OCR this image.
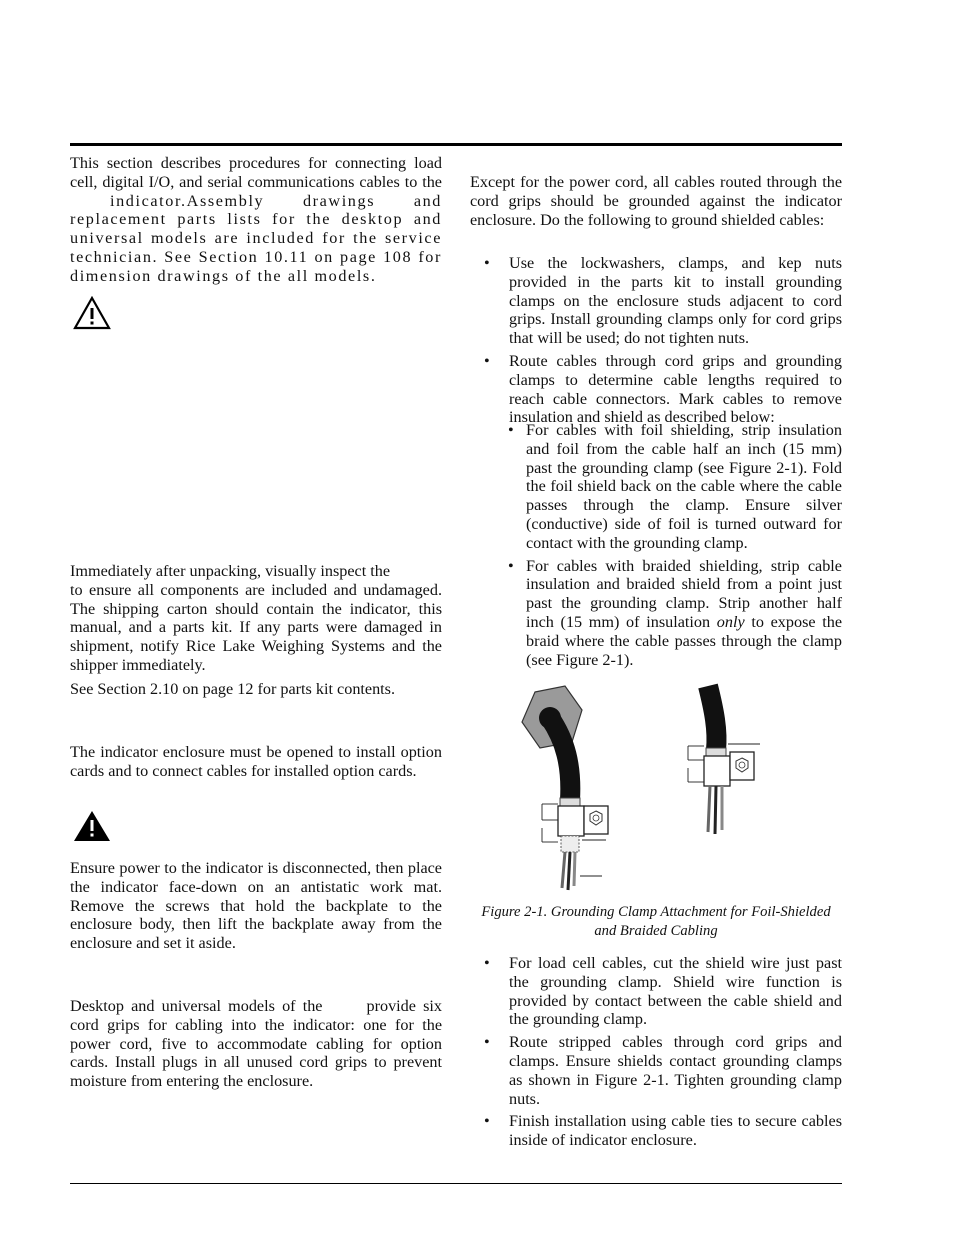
This section describes procedures for connecting load cell, digital I/O, and serial communications cables to the indicator.Assembly drawings and replacement parts lists for the desktop and universal models are included for the service technician. See Section 10.11 on page 108 for dimension drawings of the all models.

Immediately after unpacking, visually inspect the
to ensure all components are included and undamaged. The shipping carton should contain the indicator, this manual, and a parts kit. If any parts were damaged in shipment, notify Rice Lake Weighing Systems and the shipper immediately.

See Section 2.10 on page 12 for parts kit contents.

The indicator enclosure must be opened to install option cards and to connect cables for installed option cards.

Ensure power to the indicator is disconnected, then place the indicator face-down on an antistatic work mat. Remove the screws that hold the backplate to the enclosure body, then lift the backplate away from the enclosure and set it aside.

Desktop and universal models of the	provide six cord grips for cabling into the indicator: one for the power cord, five to accommodate cabling for option cards. Install plugs in all unused cord grips to prevent moisture from entering the enclosure.

Except for the power cord, all cables routed through the cord grips should be grounded against the indicator enclosure. Do the following to ground shielded cables:

• Use the lockwashers, clamps, and kep nuts provided in the parts kit to install grounding clamps on the enclosure studs adjacent to cord grips. Install grounding clamps only for cord grips that will be used; do not tighten nuts.
• Route cables through cord grips and grounding clamps to determine cable lengths required to reach cable connectors. Mark cables to remove insulation and shield as described below:
• For cables with foil shielding, strip insulation and foil from the cable half an inch (15 mm) past the grounding clamp (see Figure 2-1). Fold the foil shield back on the cable where the cable passes through the clamp. Ensure silver (conductive) side of foil is turned outward for contact with the grounding clamp.
• For cables with braided shielding, strip cable insulation and braided shield from a point just past the grounding clamp. Strip another half inch (15 mm) of insulation only to expose the braid where the cable passes through the clamp (see Figure 2-1).
Figure 2-1. Grounding Clamp Attachment for Foil-Shielded
and Braided Cabling
• For load cell cables, cut the shield wire just past the grounding clamp. Shield wire function is provided by contact between the cable shield and the grounding clamp.
• Route stripped cables through cord grips and clamps. Ensure shields contact grounding clamps as shown in Figure 2-1. Tighten grounding clamp nuts.
• Finish installation using cable ties to secure cables inside of indicator enclosure.
